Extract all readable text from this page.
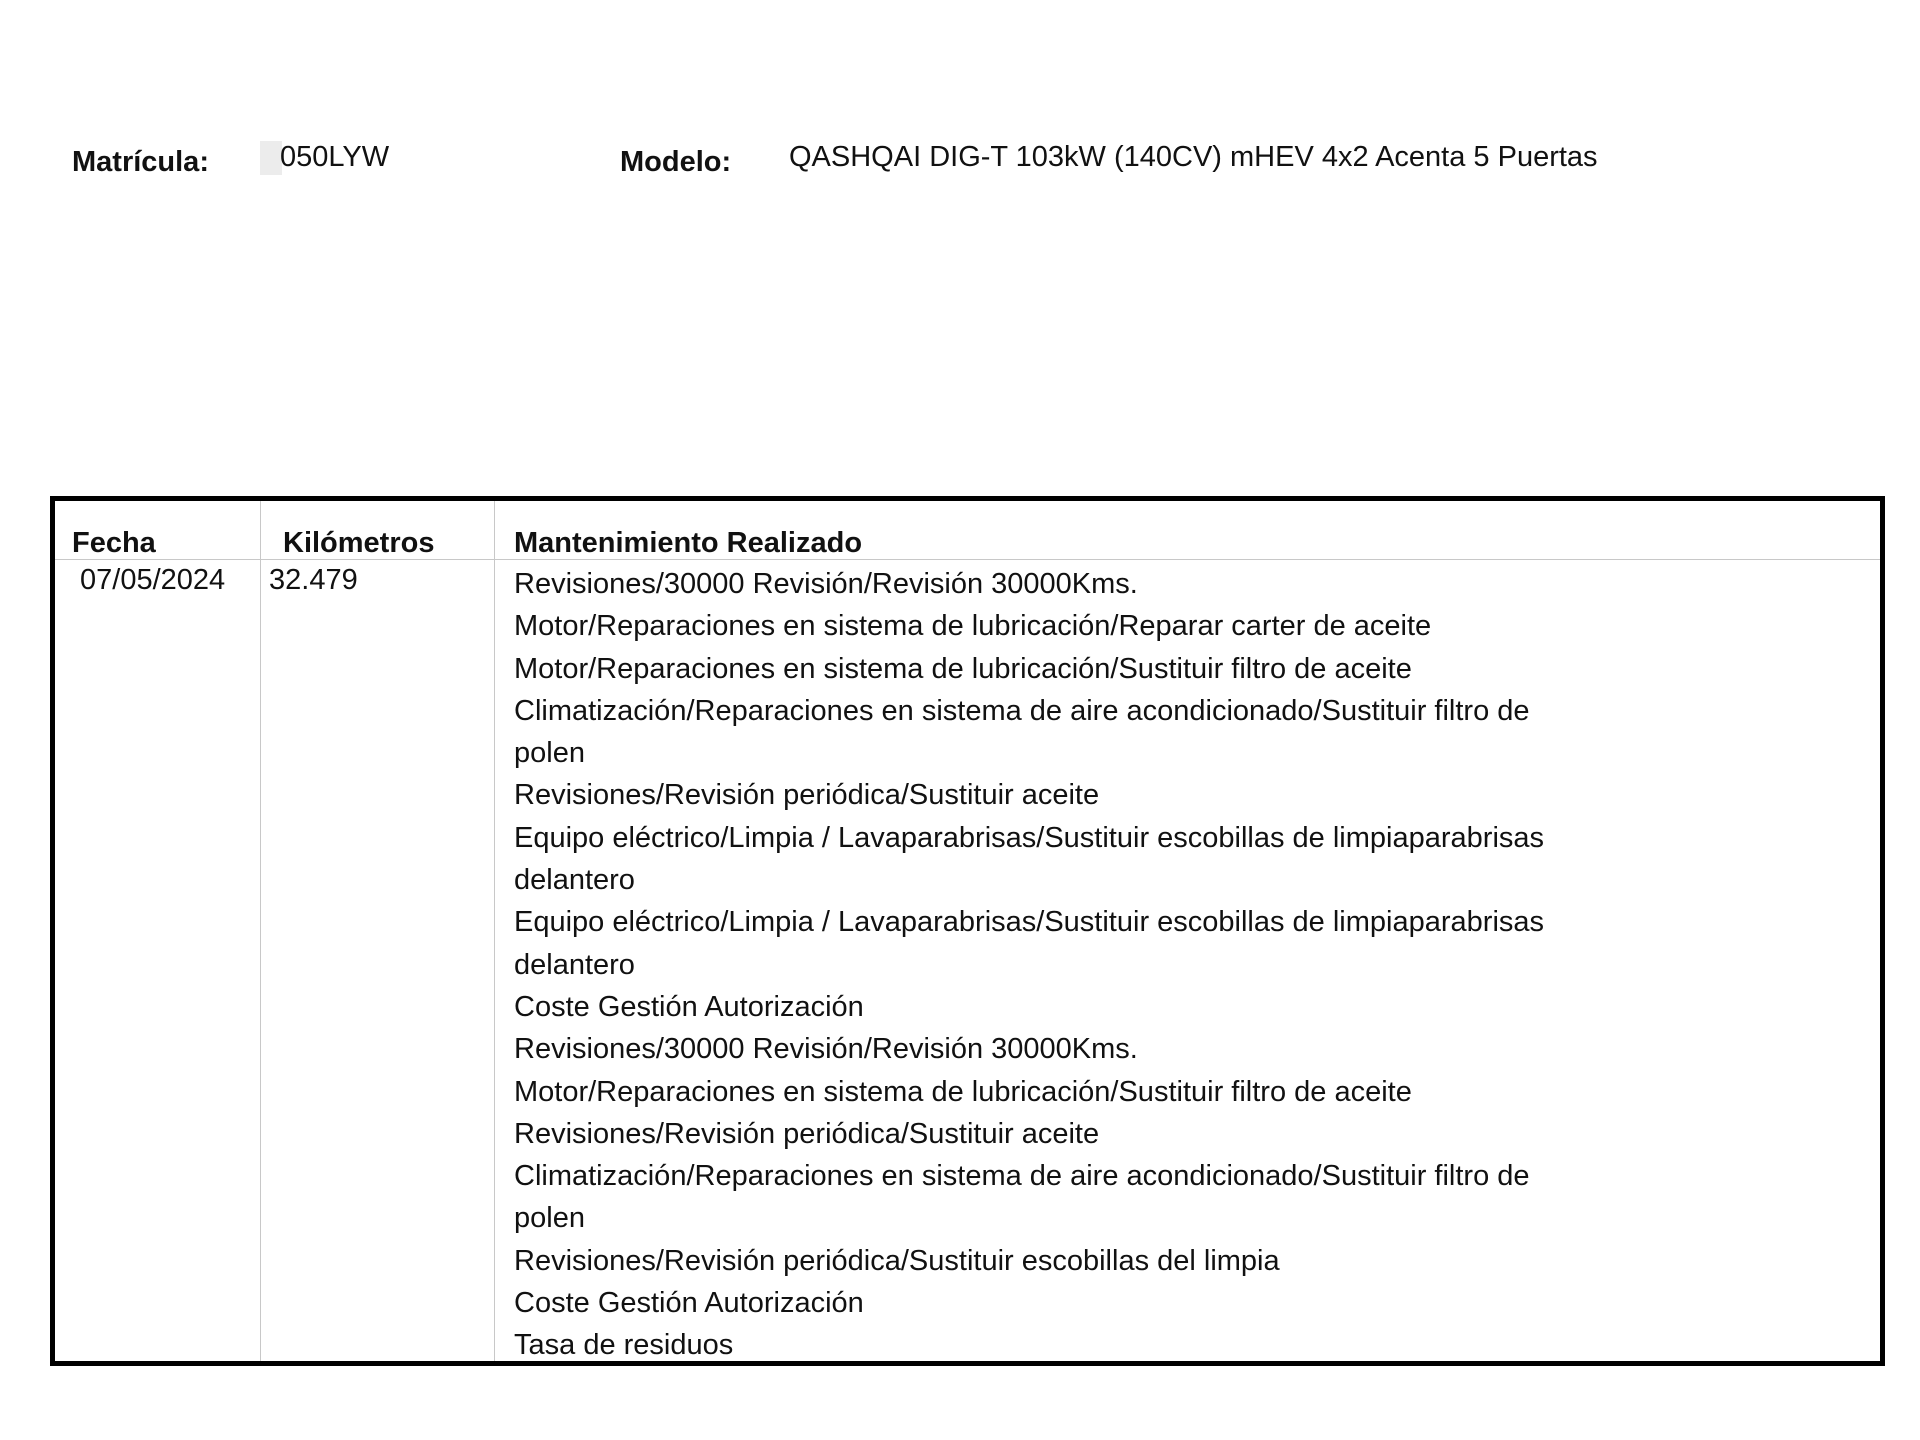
Matrícula: 050LYW	Modelo: QASHQAI DIG-T 103kW (140CV) mHEV 4x2 Acenta 5 Puertas
Fecha	Kilómetros	Mantenimiento Realizado
07/05/2024 32.479	Revisiones/30000 Revisión/Revisión 30000Kms.
Motor/Reparaciones en sistema de lubricación/Reparar carter de aceite
Motor/Reparaciones en sistema de lubricación/Sustituir filtro de aceite
Climatización/Reparaciones en sistema de aire acondicionado/Sustituir filtro de
polen
Revisiones/Revisión periódica/Sustituir aceite
Equipo eléctrico/Limpia / Lavaparabrisas/Sustituir escobillas de limpiaparabrisas
delantero
Equipo eléctrico/Limpia / Lavaparabrisas/Sustituir escobillas de limpiaparabrisas
delantero
Coste Gestión Autorización
Revisiones/30000 Revisión/Revisión 30000Kms.
Motor/Reparaciones en sistema de lubricación/Sustituir filtro de aceite
Revisiones/Revisión periódica/Sustituir aceite
Climatización/Reparaciones en sistema de aire acondicionado/Sustituir filtro de
polen
Revisiones/Revisión periódica/Sustituir escobillas del limpia
Coste Gestión Autorización
Tasa de residuos
